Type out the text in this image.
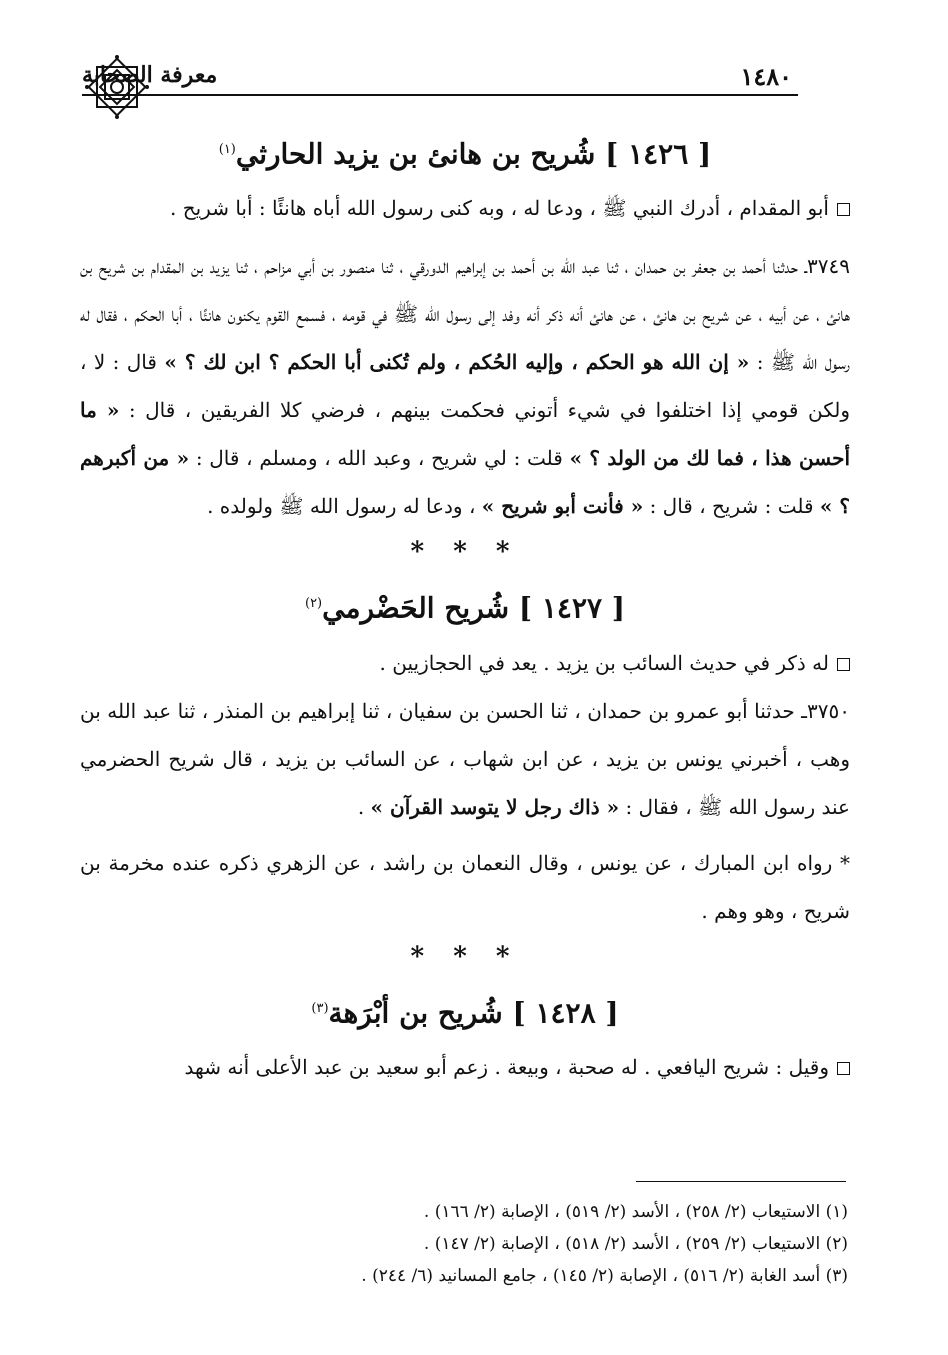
١٤٨٠
معرفة الصحابة
[ ١٤٢٦ ] شُريح بن هانئ بن يزيد الحارثي$^{(١)}$

أبو المقدام ، أدرك النبي ﷺ ، ودعا له ، وبه كنى رسول الله أباه هانئًا : أبا شريح .

٣٧٤٩ـ حدثنا أحمد بن جعفر بن حمدان ، ثنا عبد الله بن أحمد بن إبراهيم الدورقي ، ثنا منصور بن أبي مزاحم ، ثنا يزيد بن المقدام بن شريح بن هانئ ، عن أبيه ، عن شريح بن هانئ ، عن هانئ أنه ذكر أنه وفد إلى رسول الله ﷺ في قومه ، فسمع القوم يكنون هانئًا ، أبا الحكم ، فقال له رسول الله ﷺ : « إن الله هو الحكم ، وإليه الحُكم ، ولم تُكنى أبا الحكم ؟ ابن لك ؟ » قال : لا ، ولكن قومي إذا اختلفوا في شيء أتوني فحكمت بينهم ، فرضي كلا الفريقين ، قال : « ما أحسن هذا ، فما لك من الولد ؟ » قلت : لي شريح ، وعبد الله ، ومسلم ، قال : « من أكبرهم ؟ » قلت : شريح ، قال : « فأنت أبو شريح » ، ودعا له رسول الله ﷺ ولولده .

* * *

[ ١٤٢٧ ] شُريح الحَضْرمي$^{(٢)}$

له ذكر في حديث السائب بن يزيد . يعد في الحجازيين .

٣٧٥٠ـ حدثنا أبو عمرو بن حمدان ، ثنا الحسن بن سفيان ، ثنا إبراهيم بن المنذر ، ثنا عبد الله بن وهب ، أخبرني يونس بن يزيد ، عن ابن شهاب ، عن السائب بن يزيد ، قال شريح الحضرمي عند رسول الله ﷺ ، فقال : « ذاك رجل لا يتوسد القرآن » .

* رواه ابن المبارك ، عن يونس ، وقال النعمان بن راشد ، عن الزهري ذكره عنده مخرمة بن شريح ، وهو وهم .

* * *

[ ١٤٢٨ ] شُريح بن أبْرَهة$^{(٣)}$

وقيل : شريح اليافعي . له صحبة ، وبيعة . زعم أبو سعيد بن عبد الأعلى أنه شهد

(١) الاستيعاب (٢/ ٢٥٨) ، الأسد (٢/ ٥١٩) ، الإصابة (٢/ ١٦٦) .

(٢) الاستيعاب (٢/ ٢٥٩) ، الأسد (٢/ ٥١٨) ، الإصابة (٢/ ١٤٧) .

(٣) أسد الغابة (٢/ ٥١٦) ، الإصابة (٢/ ١٤٥) ، جامع المسانيد (٦/ ٢٤٤) .
